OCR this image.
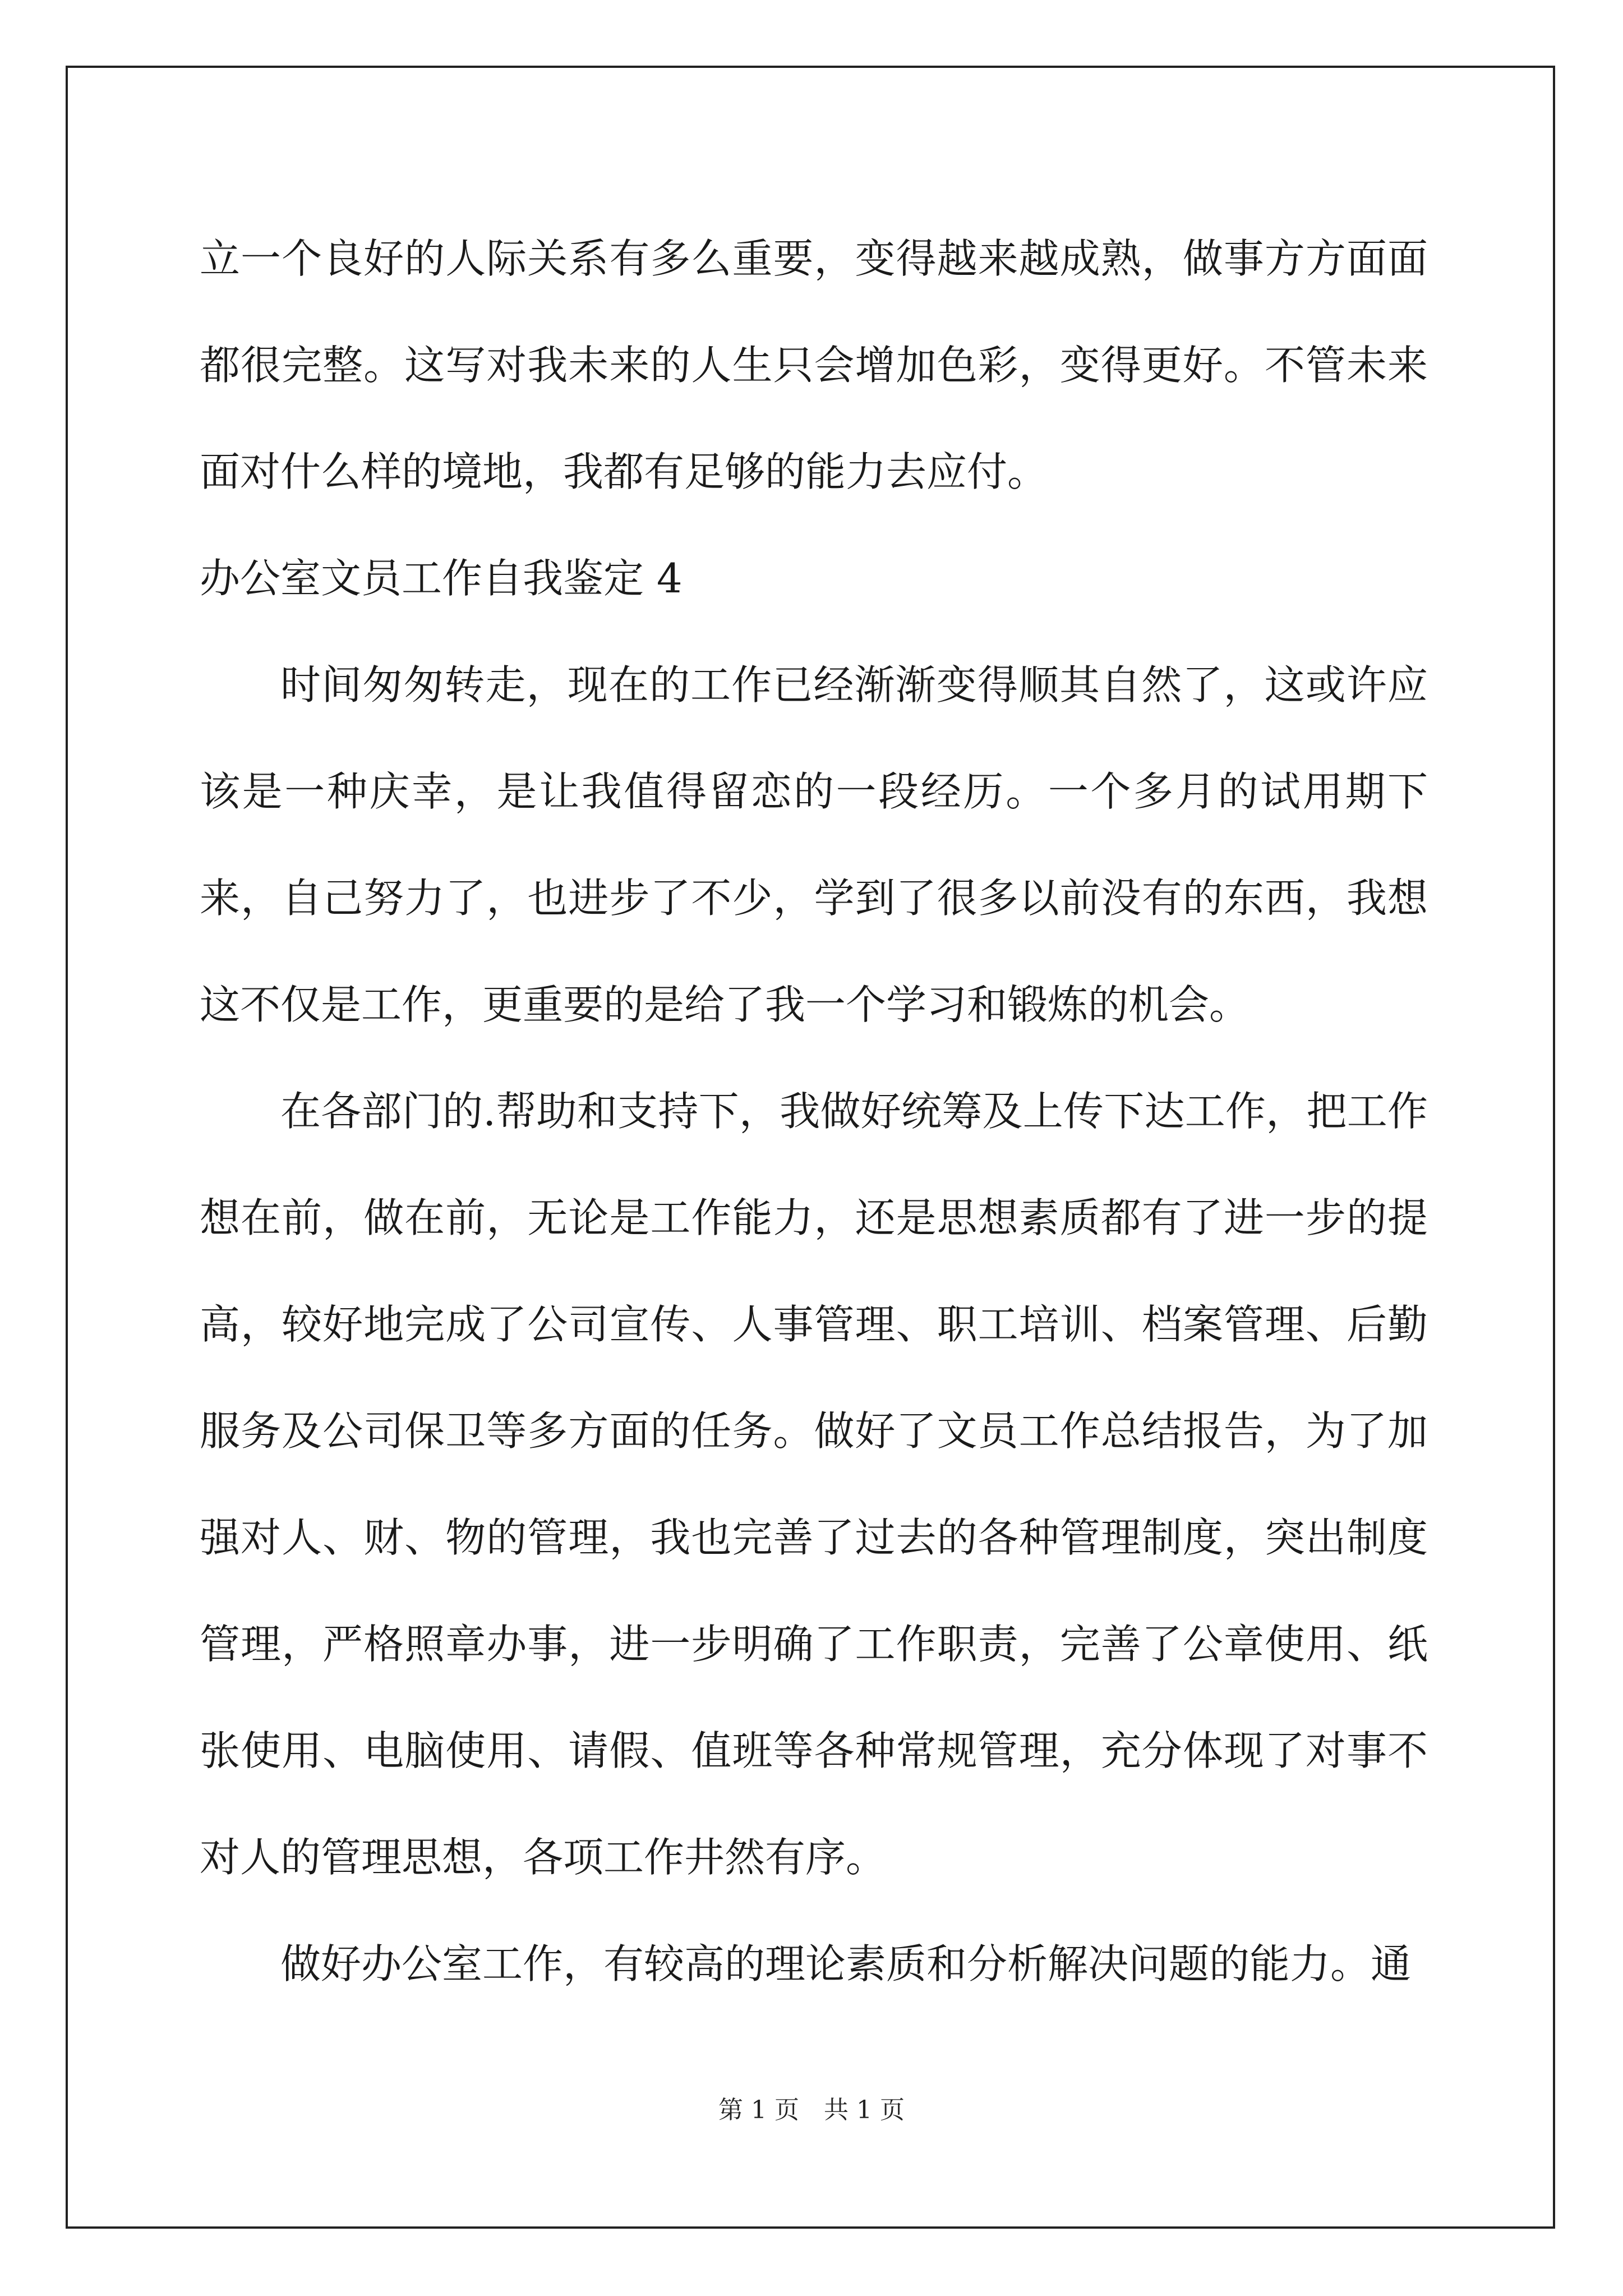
立一个良好的人际关系有多么重要，变得越来越成熟，做事方方面面都很完整。这写对我未来的人生只会增加色彩，变得更好。不管未来面对什么样的境地，我都有足够的能力去应付。

办公室文员工作自我鉴定 4

时间匆匆转走，现在的工作已经渐渐变得顺其自然了，这或许应该是一种庆幸，是让我值得留恋的一段经历。一个多月的试用期下来，自己努力了，也进步了不少，学到了很多以前没有的东西，我想这不仅是工作，更重要的是给了我一个学习和锻炼的机会。

在各部门的.帮助和支持下，我做好统筹及上传下达工作，把工作想在前，做在前，无论是工作能力，还是思想素质都有了进一步的提高，较好地完成了公司宣传、人事管理、职工培训、档案管理、后勤服务及公司保卫等多方面的任务。做好了文员工作总结报告，为了加强对人、财、物的管理，我也完善了过去的各种管理制度，突出制度管理，严格照章办事，进一步明确了工作职责，完善了公章使用、纸张使用、电脑使用、请假、值班等各种常规管理，充分体现了对事不对人的管理思想，各项工作井然有序。

做好办公室工作，有较高的理论素质和分析解决问题的能力。通

第 1 页　共 1 页
